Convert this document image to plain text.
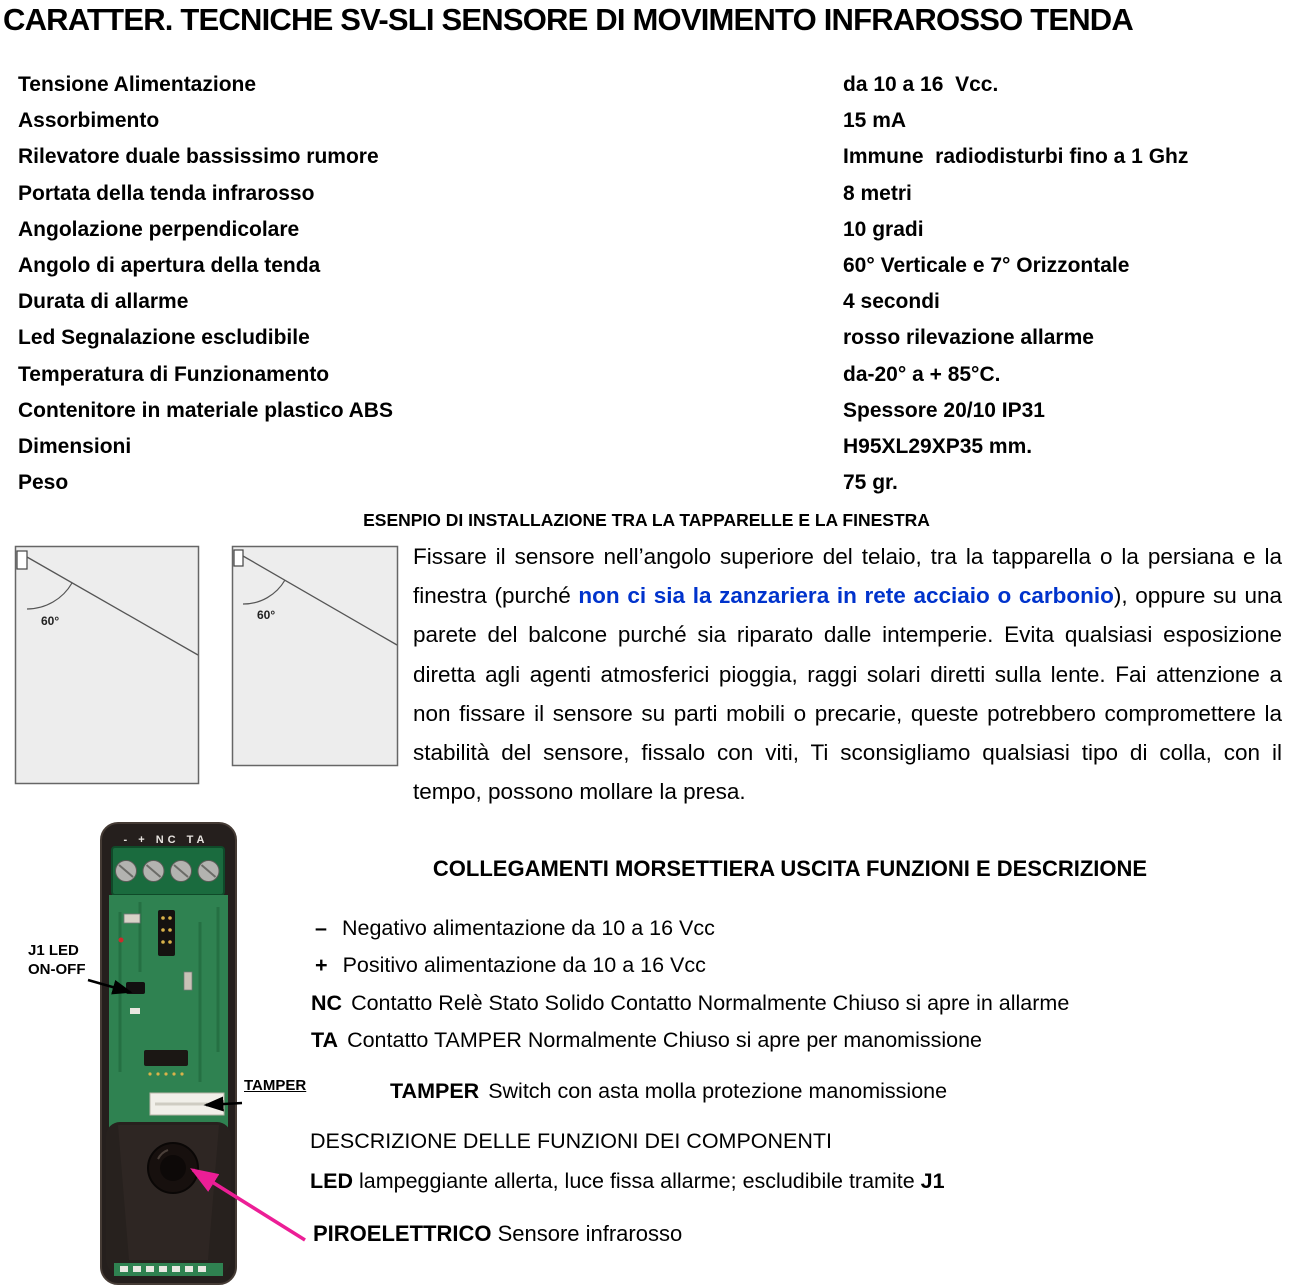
CARATTER. TECNICHE SV-SLI SENSORE DI MOVIMENTO INFRAROSSO TENDA
Tensione Alimentazione	da 10 a 16  Vcc.
Assorbimento	15 mA
Rilevatore duale bassissimo rumore	Immune  radiodisturbi fino a 1 Ghz
Portata della tenda infrarosso	8 metri
Angolazione perpendicolare	10 gradi
Angolo di apertura della tenda	60° Verticale e 7° Orizzontale
Durata di allarme	4 secondi
Led Segnalazione escludibile	rosso rilevazione allarme
Temperatura di Funzionamento	da-20° a + 85°C.
Contenitore in materiale plastico ABS	Spessore 20/10 IP31
Dimensioni	H95XL29XP35 mm.
Peso	75 gr.
ESENPIO DI INSTALLAZIONE TRA LA TAPPARELLE E LA FINESTRA
60°	60°

Fissare il sensore nell’angolo superiore del telaio, tra la tapparella o la persiana e la finestra (purché non ci sia la zanzariera in rete acciaio o carbonio), oppure su una parete del balcone purché sia riparato dalle intemperie. Evita qualsiasi esposizione diretta agli agenti atmosferici pioggia, raggi solari diretti sulla lente. Fai attenzione a non fissare il sensore su parti mobili o precarie, queste potrebbero compromettere la stabilità del sensore, fissalo con viti, Ti sconsigliamo qualsiasi tipo di colla, con il tempo, possono mollare la presa.

- + NC TA
J1 LED
ON-OFF
TAMPER
COLLEGAMENTI MORSETTIERA USCITA FUNZIONI E DESCRIZIONE
– Negativo alimentazione da 10 a 16 Vcc
+ Positivo alimentazione da 10 a 16 Vcc
NC Contatto Relè Stato Solido Contatto Normalmente Chiuso si apre in allarme
TA Contatto TAMPER Normalmente Chiuso si apre per manomissione
TAMPER Switch con asta molla protezione manomissione
DESCRIZIONE DELLE FUNZIONI DEI COMPONENTI
LED lampeggiante allerta, luce fissa allarme; escludibile tramite J1
PIROELETTRICO Sensore infrarosso
